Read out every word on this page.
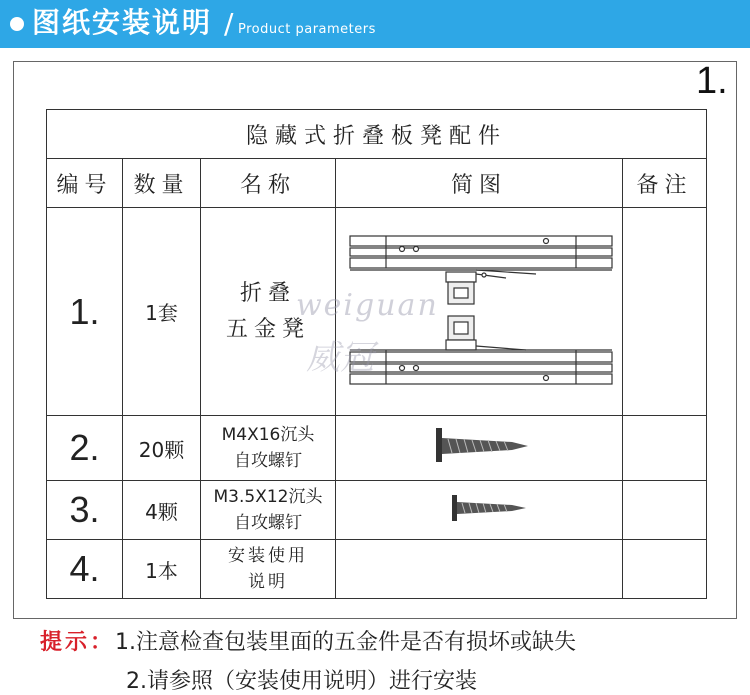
图纸安装说明 / Product parameters
1.
隐藏式折叠板凳配件				
编号	数量	名称	简图	备注
1.	1套	折叠
五金凳

2.	20颗	M4X16沉头
自攻螺钉

3.	4颗	M3.5X12沉头
自攻螺钉

4.	1本	安装使用
说明		

weiguan
威冠
提示：1.注意检查包装里面的五金件是否有损坏或缺失
2.请参照（安装使用说明）进行安装
